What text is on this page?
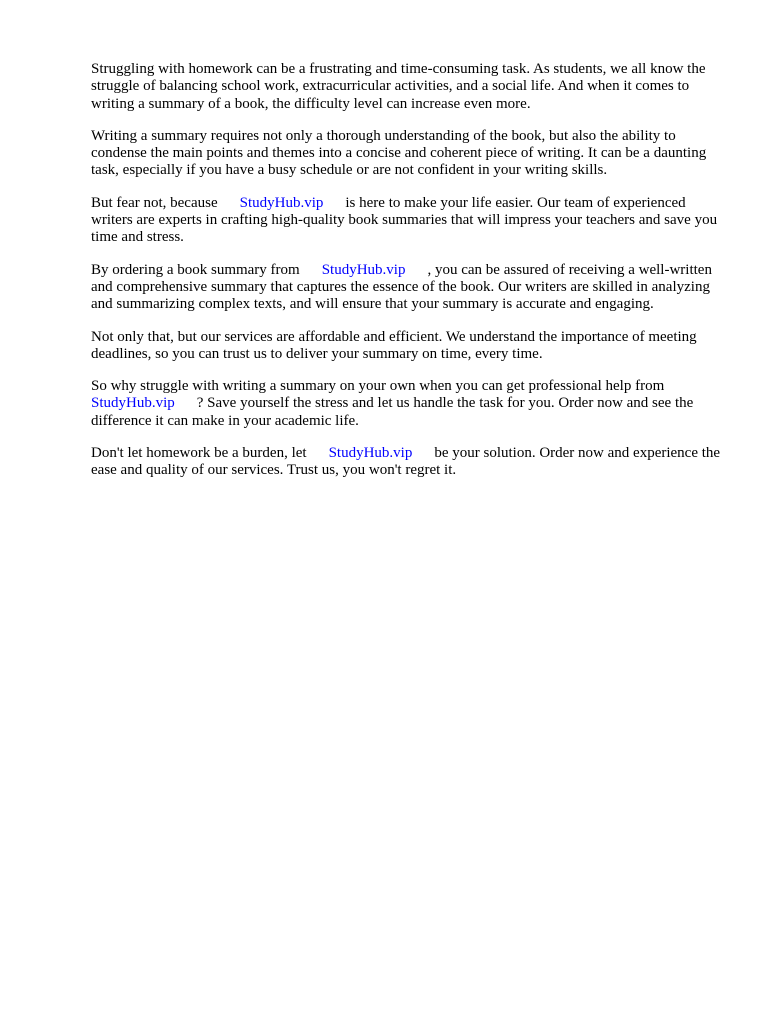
Struggling with homework can be a frustrating and time-consuming task. As students, we all know the struggle of balancing school work, extracurricular activities, and a social life. And when it comes to writing a summary of a book, the difficulty level can increase even more.

Writing a summary requires not only a thorough understanding of the book, but also the ability to condense the main points and themes into a concise and coherent piece of writing. It can be a daunting task, especially if you have a busy schedule or are not confident in your writing skills.

But fear not, because StudyHub.vip is here to make your life easier. Our team of experienced writers are experts in crafting high-quality book summaries that will impress your teachers and save you time and stress.

By ordering a book summary from StudyHub.vip , you can be assured of receiving a well-written and comprehensive summary that captures the essence of the book. Our writers are skilled in analyzing and summarizing complex texts, and will ensure that your summary is accurate and engaging.

Not only that, but our services are affordable and efficient. We understand the importance of meeting deadlines, so you can trust us to deliver your summary on time, every time.

So why struggle with writing a summary on your own when you can get professional help from StudyHub.vip ? Save yourself the stress and let us handle the task for you. Order now and see the difference it can make in your academic life.

Don't let homework be a burden, let StudyHub.vip be your solution. Order now and experience the ease and quality of our services. Trust us, you won't regret it.
